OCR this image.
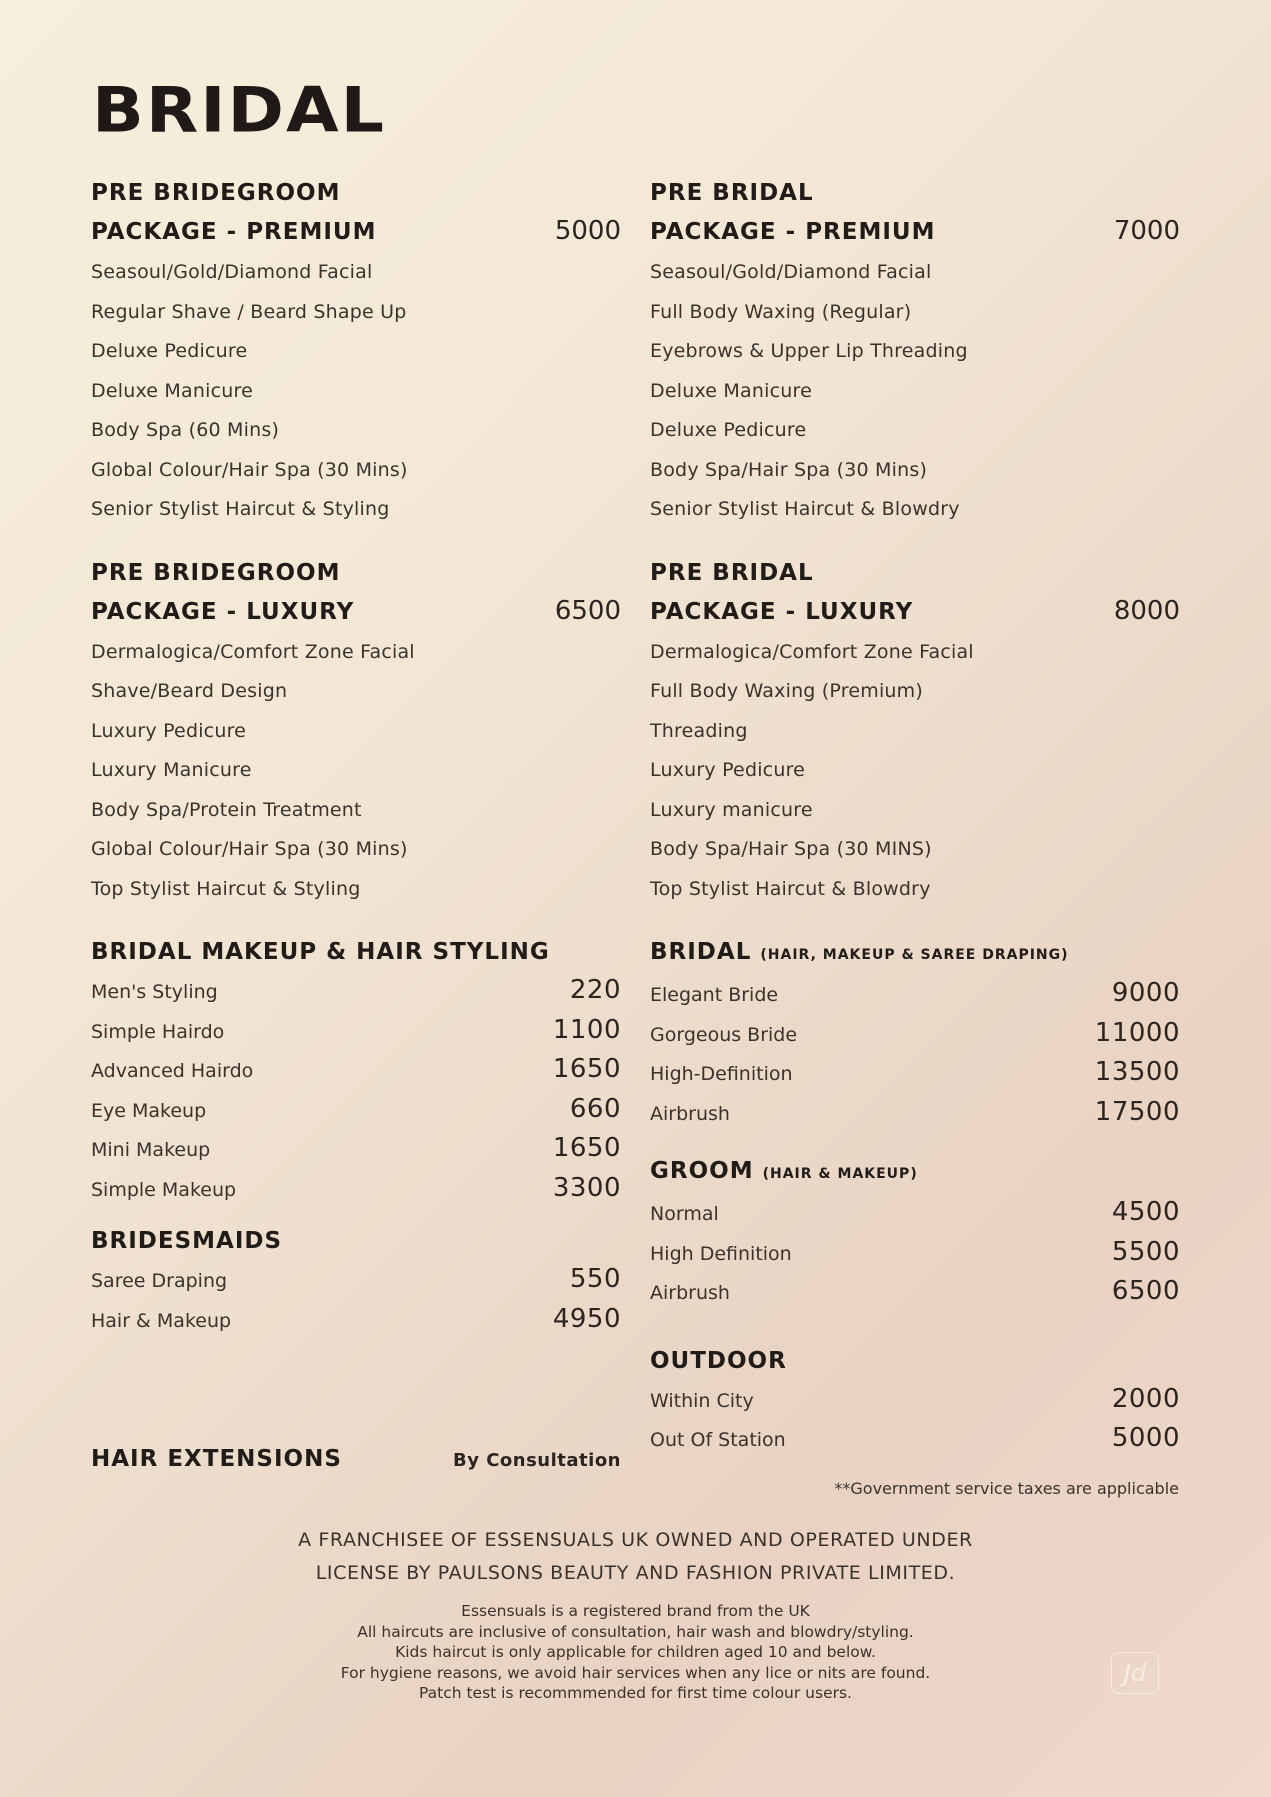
BRIDAL
PRE BRIDEGROOM
PACKAGE - PREMIUM	5000
Seasoul/Gold/Diamond Facial
Regular Shave / Beard Shape Up
Deluxe Pedicure
Deluxe Manicure
Body Spa (60 Mins)
Global Colour/Hair Spa (30 Mins)
Senior Stylist Haircut & Styling
PRE BRIDEGROOM
PACKAGE - LUXURY	6500
Dermalogica/Comfort Zone Facial
Shave/Beard Design
Luxury Pedicure
Luxury Manicure
Body Spa/Protein Treatment
Global Colour/Hair Spa (30 Mins)
Top Stylist Haircut & Styling
BRIDAL MAKEUP & HAIR STYLING
Men's Styling	220
Simple Hairdo	1100
Advanced Hairdo	1650
Eye Makeup	660
Mini Makeup	1650
Simple Makeup	3300
BRIDESMAIDS
Saree Draping	550
Hair & Makeup	4950
HAIR EXTENSIONS	By Consultation
PRE BRIDAL
PACKAGE - PREMIUM	7000
Seasoul/Gold/Diamond Facial
Full Body Waxing (Regular)
Eyebrows & Upper Lip Threading
Deluxe Manicure
Deluxe Pedicure
Body Spa/Hair Spa (30 Mins)
Senior Stylist Haircut & Blowdry
PRE BRIDAL
PACKAGE - LUXURY	8000
Dermalogica/Comfort Zone Facial
Full Body Waxing (Premium)
Threading
Luxury Pedicure
Luxury manicure
Body Spa/Hair Spa (30 MINS)
Top Stylist Haircut & Blowdry
BRIDAL (HAIR, MAKEUP & SAREE DRAPING)
Elegant Bride	9000
Gorgeous Bride	11000
High-Definition	13500
Airbrush	17500
GROOM (HAIR & MAKEUP)
Normal	4500
High Definition	5500
Airbrush	6500
OUTDOOR
Within City	2000
Out Of Station	5000
**Government service taxes are applicable
A FRANCHISEE OF ESSENSUALS UK OWNED AND OPERATED UNDER
LICENSE BY PAULSONS BEAUTY AND FASHION PRIVATE LIMITED.
Essensuals is a registered brand from the UK
All haircuts are inclusive of consultation, hair wash and blowdry/styling.
Kids haircut is only applicable for children aged 10 and below.
For hygiene reasons, we avoid hair services when any lice or nits are found.
Patch test is recommmended for first time colour users.
Jd
